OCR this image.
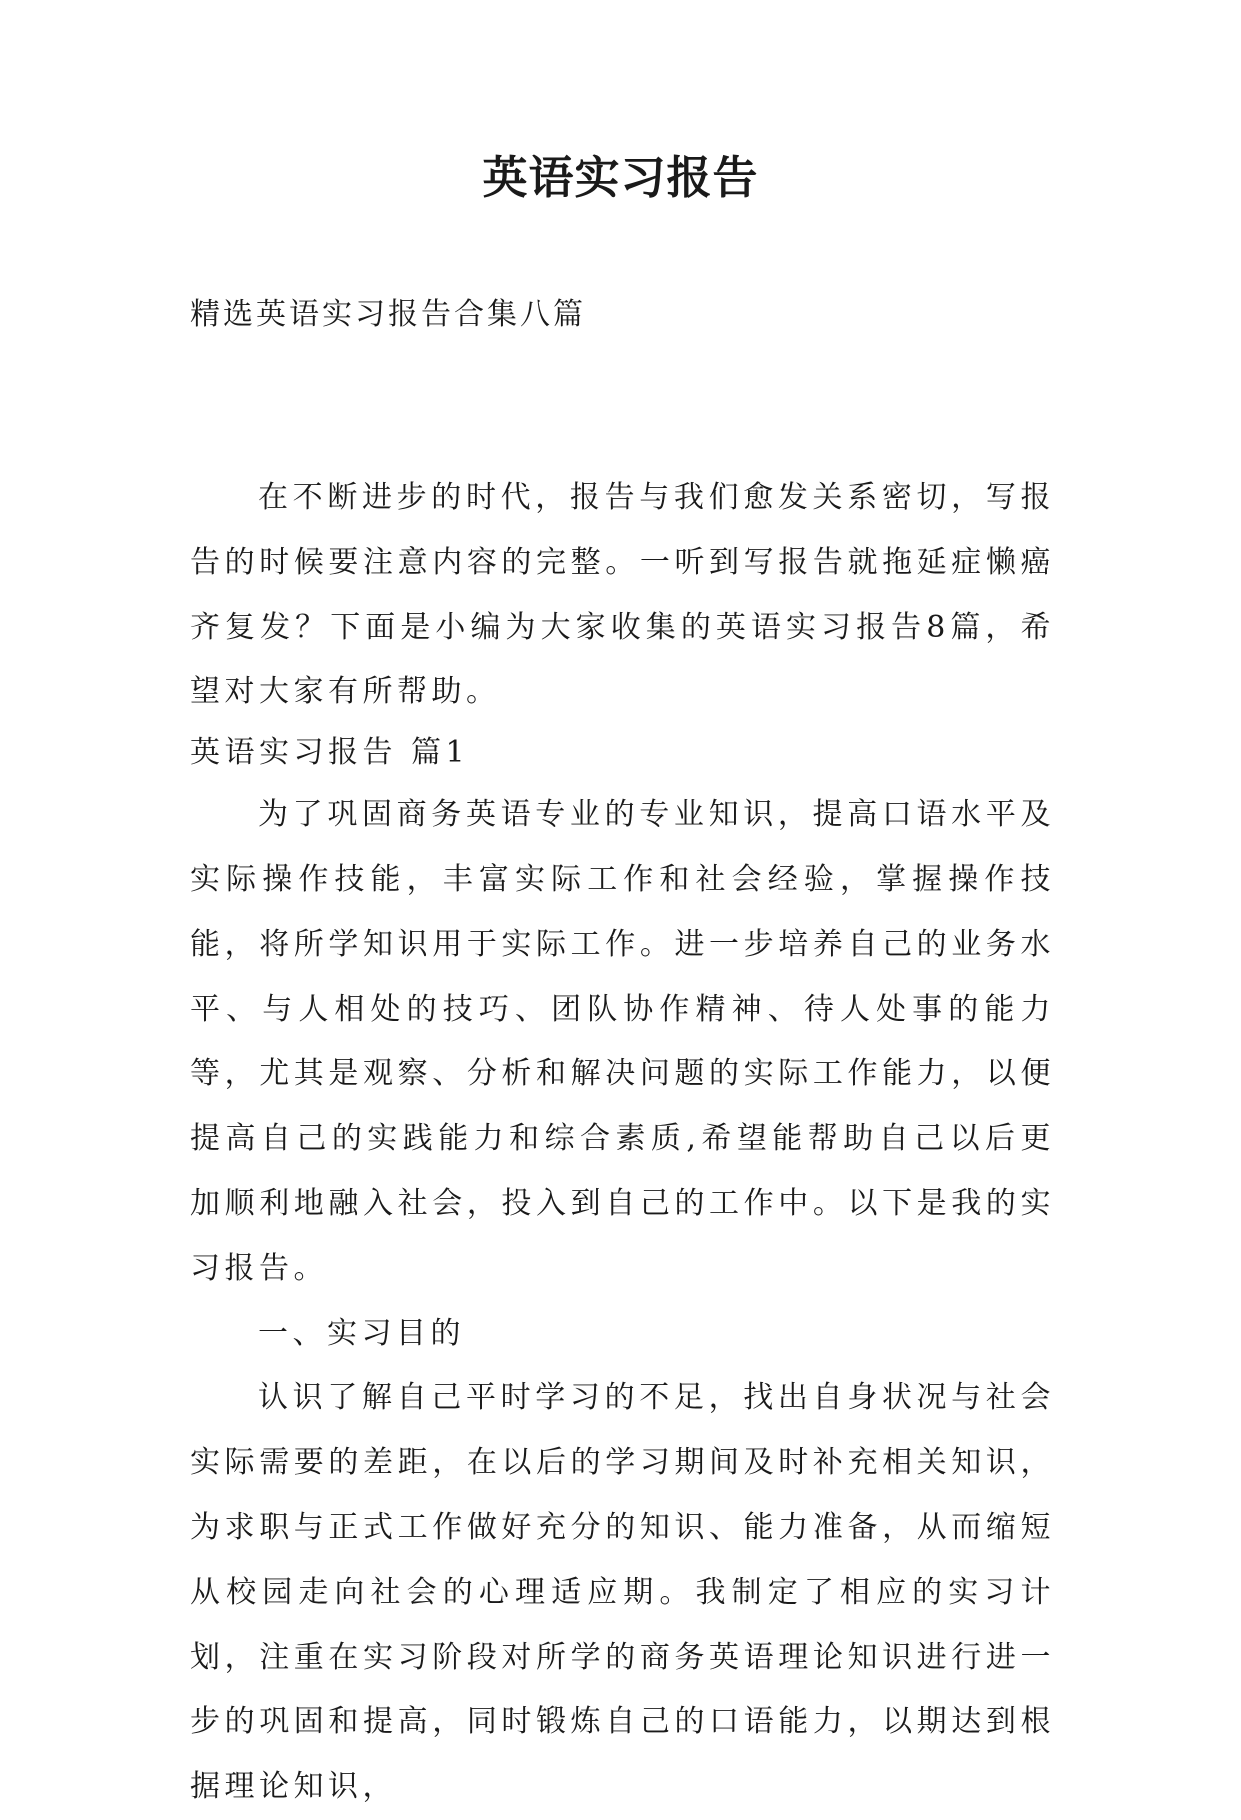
英语实习报告

精选英语实习报告合集八篇

在不断进步的时代，报告与我们愈发关系密切，写报告的时候要注意内容的完整。一听到写报告就拖延症懒癌齐复发？下面是小编为大家收集的英语实习报告8篇，希望对大家有所帮助。

英语实习报告 篇1

为了巩固商务英语专业的专业知识，提高口语水平及实际操作技能，丰富实际工作和社会经验，掌握操作技能，将所学知识用于实际工作。进一步培养自己的业务水平、与人相处的技巧、团队协作精神、待人处事的能力等，尤其是观察、分析和解决问题的实际工作能力，以便提高自己的实践能力和综合素质,希望能帮助自己以后更加顺利地融入社会，投入到自己的工作中。以下是我的实习报告。

一、实习目的

认识了解自己平时学习的不足，找出自身状况与社会实际需要的差距，在以后的学习期间及时补充相关知识，为求职与正式工作做好充分的知识、能力准备，从而缩短从校园走向社会的心理适应期。我制定了相应的实习计划，注重在实习阶段对所学的商务英语理论知识进行进一步的巩固和提高，同时锻炼自己的口语能力，以期达到根据理论知识，
